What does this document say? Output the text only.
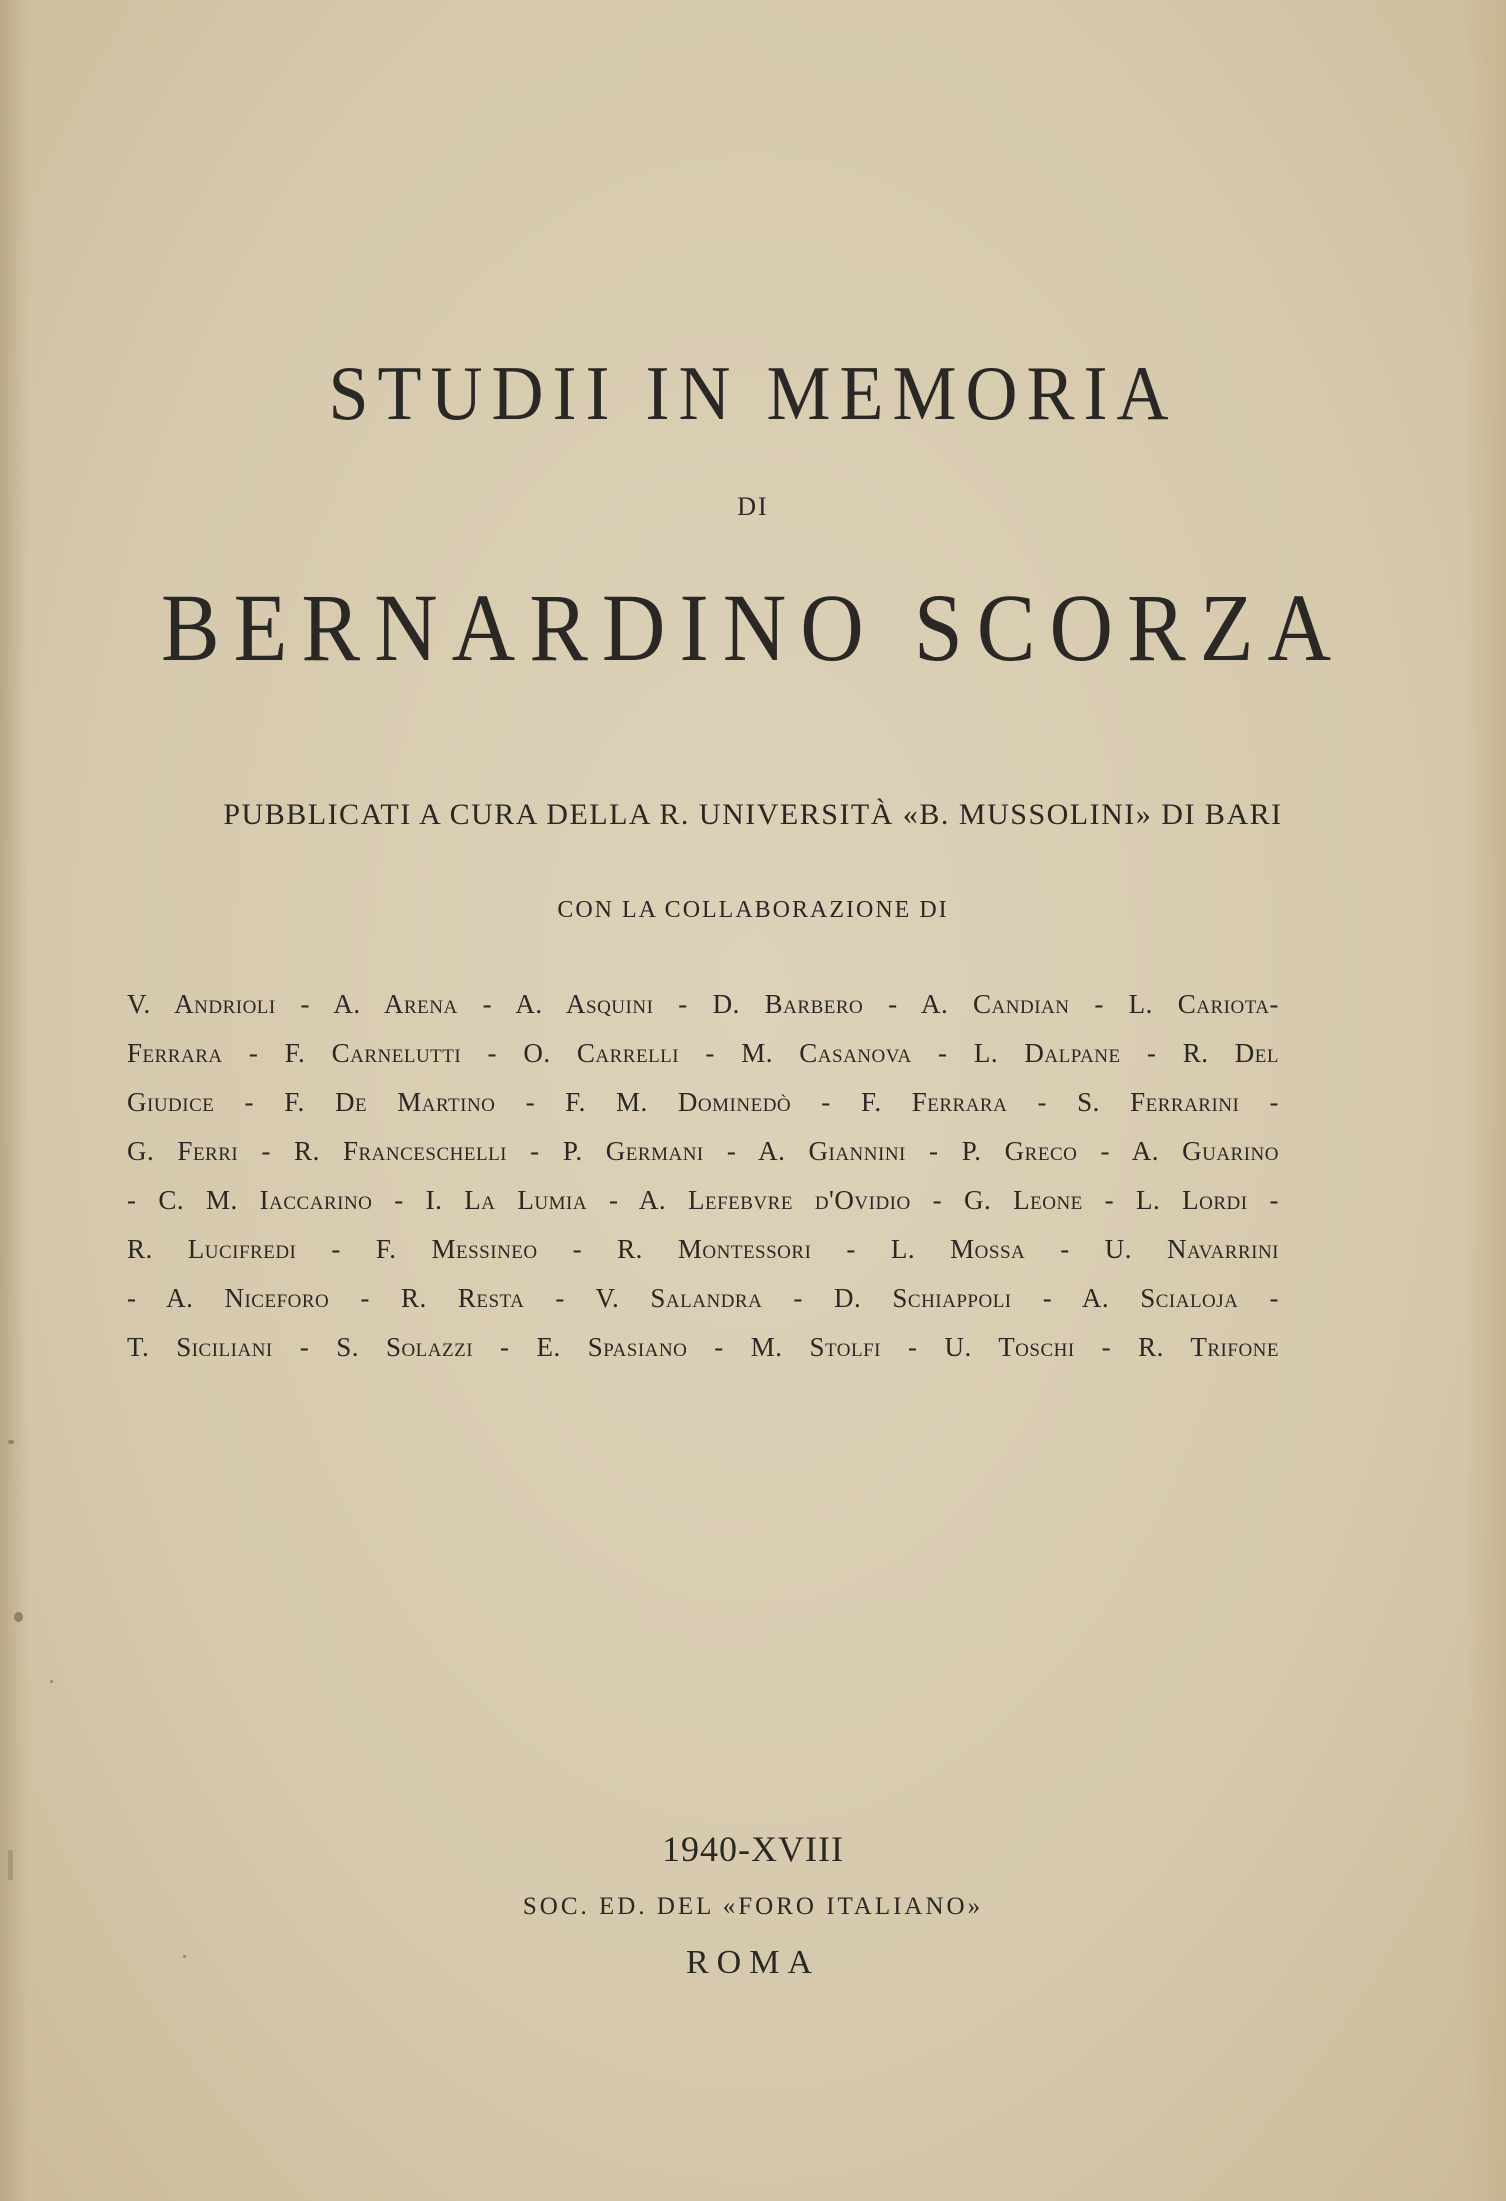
STUDII IN MEMORIA
DI
BERNARDINO SCORZA
PUBBLICATI A CURA DELLA R. UNIVERSITÀ «B. MUSSOLINI» DI BARI
CON LA COLLABORAZIONE DI
V. Andrioli - A. Arena - A. Asquini - D. Barbero - A. Candian - L. Cariota-
Ferrara - F. Carnelutti - O. Carrelli - M. Casanova - L. Dalpane - R. Del
Giudice - F. De Martino - F. M. Dominedò - F. Ferrara - S. Ferrarini -
G. Ferri - R. Franceschelli - P. Germani - A. Giannini - P. Greco - A. Guarino
- C. M. Iaccarino - I. La Lumia - A. Lefebvre d'Ovidio - G. Leone - L. Lordi -
R. Lucifredi - F. Messineo - R. Montessori - L. Mossa - U. Navarrini
- A. Niceforo - R. Resta - V. Salandra - D. Schiappoli - A. Scialoja -
T. Siciliani - S. Solazzi - E. Spasiano - M. Stolfi - U. Toschi - R. Trifone
1940-XVIII
SOC. ED. DEL «FORO ITALIANO»
ROMA
